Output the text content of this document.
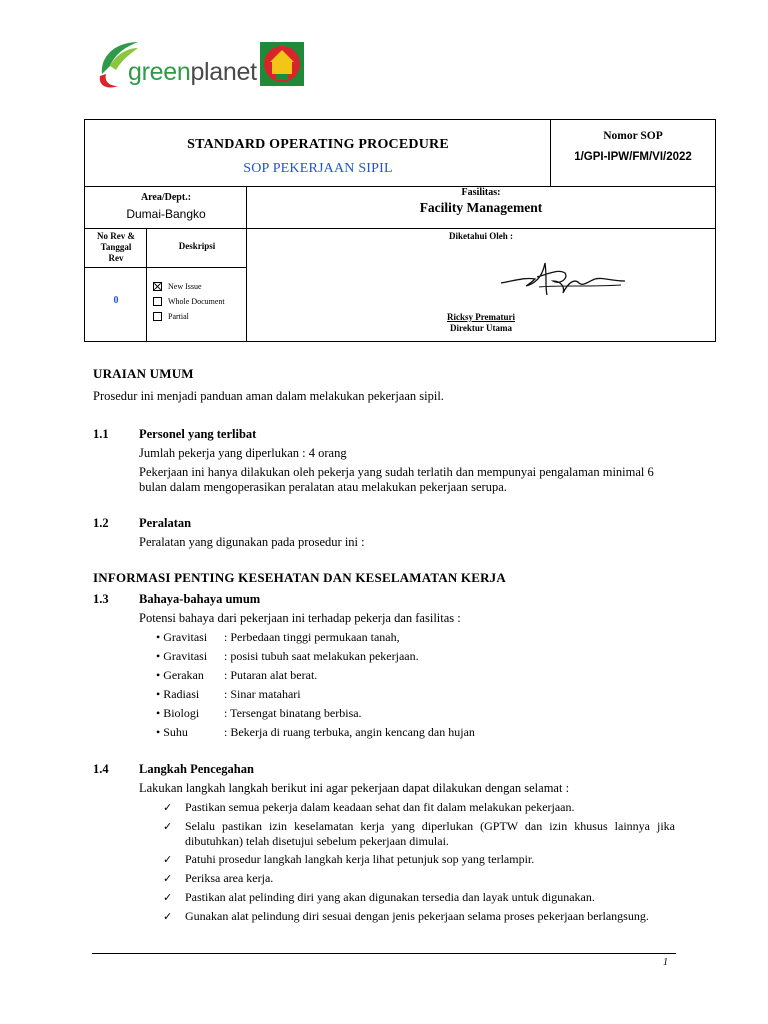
greenplanet
STANDARD OPERATING PROCEDURE
SOP PEKERJAAN SIPIL
Nomor SOP
1/GPI-IPW/FM/VI/2022
Area/Dept.:
Dumai-Bangko
Fasilitas:
Facility Management
No Rev &
Tanggal
Rev
Deskripsi
0
New Issue
Whole Document
Partial
Diketahui Oleh :
Ricksy Prematuri
Direktur Utama
URAIAN UMUM
Prosedur ini menjadi panduan aman dalam melakukan pekerjaan sipil.
1.1 Personel yang terlibat
Jumlah pekerja yang diperlukan : 4 orang
Pekerjaan ini hanya dilakukan oleh pekerja yang sudah terlatih dan mempunyai pengalaman minimal 6 bulan dalam mengoperasikan peralatan atau melakukan pekerjaan serupa.
1.2 Peralatan
Peralatan yang digunakan pada prosedur ini :
INFORMASI PENTING KESEHATAN DAN KESELAMATAN KERJA
1.3 Bahaya-bahaya umum
Potensi bahaya dari pekerjaan ini terhadap pekerja dan fasilitas :
• Gravitasi	: Perbedaan tinggi permukaan tanah,
• Gravitasi	: posisi tubuh saat melakukan pekerjaan.
• Gerakan	: Putaran alat berat.
• Radiasi	: Sinar matahari
• Biologi	: Tersengat binatang berbisa.
• Suhu	: Bekerja di ruang terbuka, angin kencang dan hujan
1.4 Langkah Pencegahan
Lakukan langkah langkah berikut ini agar pekerjaan dapat dilakukan dengan selamat :
✓	Pastikan semua pekerja dalam keadaan sehat dan fit dalam melakukan pekerjaan.
✓	Selalu pastikan izin keselamatan kerja yang diperlukan (GPTW dan izin khusus lainnya jika dibutuhkan) telah disetujui sebelum pekerjaan dimulai.
✓	Patuhi prosedur langkah langkah kerja lihat petunjuk sop yang terlampir.
✓	Periksa area kerja.
✓	Pastikan alat pelinding diri yang akan digunakan tersedia dan layak untuk digunakan.
✓	Gunakan alat pelindung diri sesuai dengan jenis pekerjaan selama proses pekerjaan berlangsung.
1
